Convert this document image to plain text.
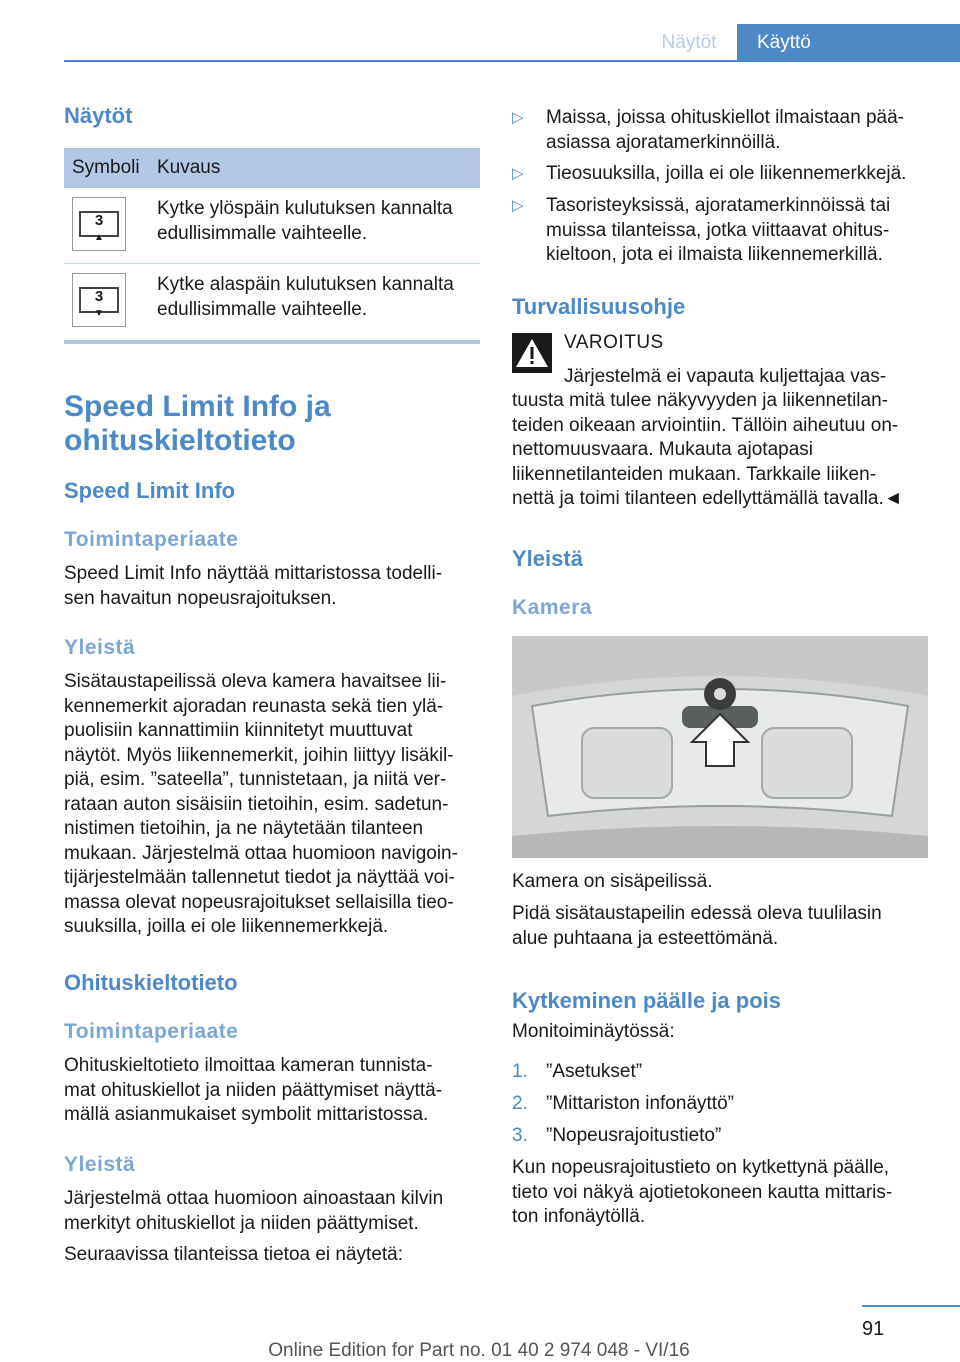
Näytöt	Käyttö
Näytöt
Symboli Kuvaus
3
▲
Kytke ylöspäin kulutuksen kannalta
edullisimmalle vaihteelle.
3
▼
Kytke alaspäin kulutuksen kannalta
edullisimmalle vaihteelle.
Speed Limit Info ja
ohituskieltotieto
Speed Limit Info
Toimintaperiaate
Speed Limit Info näyttää mittaristossa todelli-
sen havaitun nopeusrajoituksen.
Yleistä
Sisätaustapeilissä oleva kamera havaitsee lii-
kennemerkit ajoradan reunasta sekä tien ylä-
puolisiin kannattimiin kiinnitetyt muuttuvat
näytöt. Myös liikennemerkit, joihin liittyy lisäkil-
piä, esim. ”sateella”, tunnistetaan, ja niitä ver-
rataan auton sisäisiin tietoihin, esim. sadetun-
nistimen tietoihin, ja ne näytetään tilanteen
mukaan. Järjestelmä ottaa huomioon navigoin-
tijärjestelmään tallennetut tiedot ja näyttää voi-
massa olevat nopeusrajoitukset sellaisilla tieo-
suuksilla, joilla ei ole liikennemerkkejä.
Ohituskieltotieto
Toimintaperiaate
Ohituskieltotieto ilmoittaa kameran tunnista-
mat ohituskiellot ja niiden päättymiset näyttä-
mällä asianmukaiset symbolit mittaristossa.
Yleistä
Järjestelmä ottaa huomioon ainoastaan kilvin
merkityt ohituskiellot ja niiden päättymiset.
Seuraavissa tilanteissa tietoa ei näytetä:
▷ Maissa, joissa ohituskiellot ilmaistaan pää-
asiassa ajoratamerkinnöillä.
▷ Tieosuuksilla, joilla ei ole liikennemerkkejä.
▷ Tasoristeyksissä, ajoratamerkinnöissä tai
muissa tilanteissa, jotka viittaavat ohitus-
kieltoon, jota ei ilmaista liikennemerkillä.
Turvallisuusohje
VAROITUS
Järjestelmä ei vapauta kuljettajaa vas-
tuusta mitä tulee näkyvyyden ja liikennetilan-
teiden oikeaan arviointiin. Tällöin aiheutuu on-
nettomuusvaara. Mukauta ajotapasi
liikennetilanteiden mukaan. Tarkkaile liiken-
nettä ja toimi tilanteen edellyttämällä tavalla.◄
Yleistä
Kamera
Kamera on sisäpeilissä.
Pidä sisätaustapeilin edessä oleva tuulilasin
alue puhtaana ja esteettömänä.
Kytkeminen päälle ja pois
Monitoiminäytössä:
1. ”Asetukset”
2. ”Mittariston infonäyttö”
3. ”Nopeusrajoitustieto”
Kun nopeusrajoitustieto on kytkettynä päälle,
tieto voi näkyä ajotietokoneen kautta mittaris-
ton infonäytöllä.
91
Online Edition for Part no. 01 40 2 974 048 - VI/16
